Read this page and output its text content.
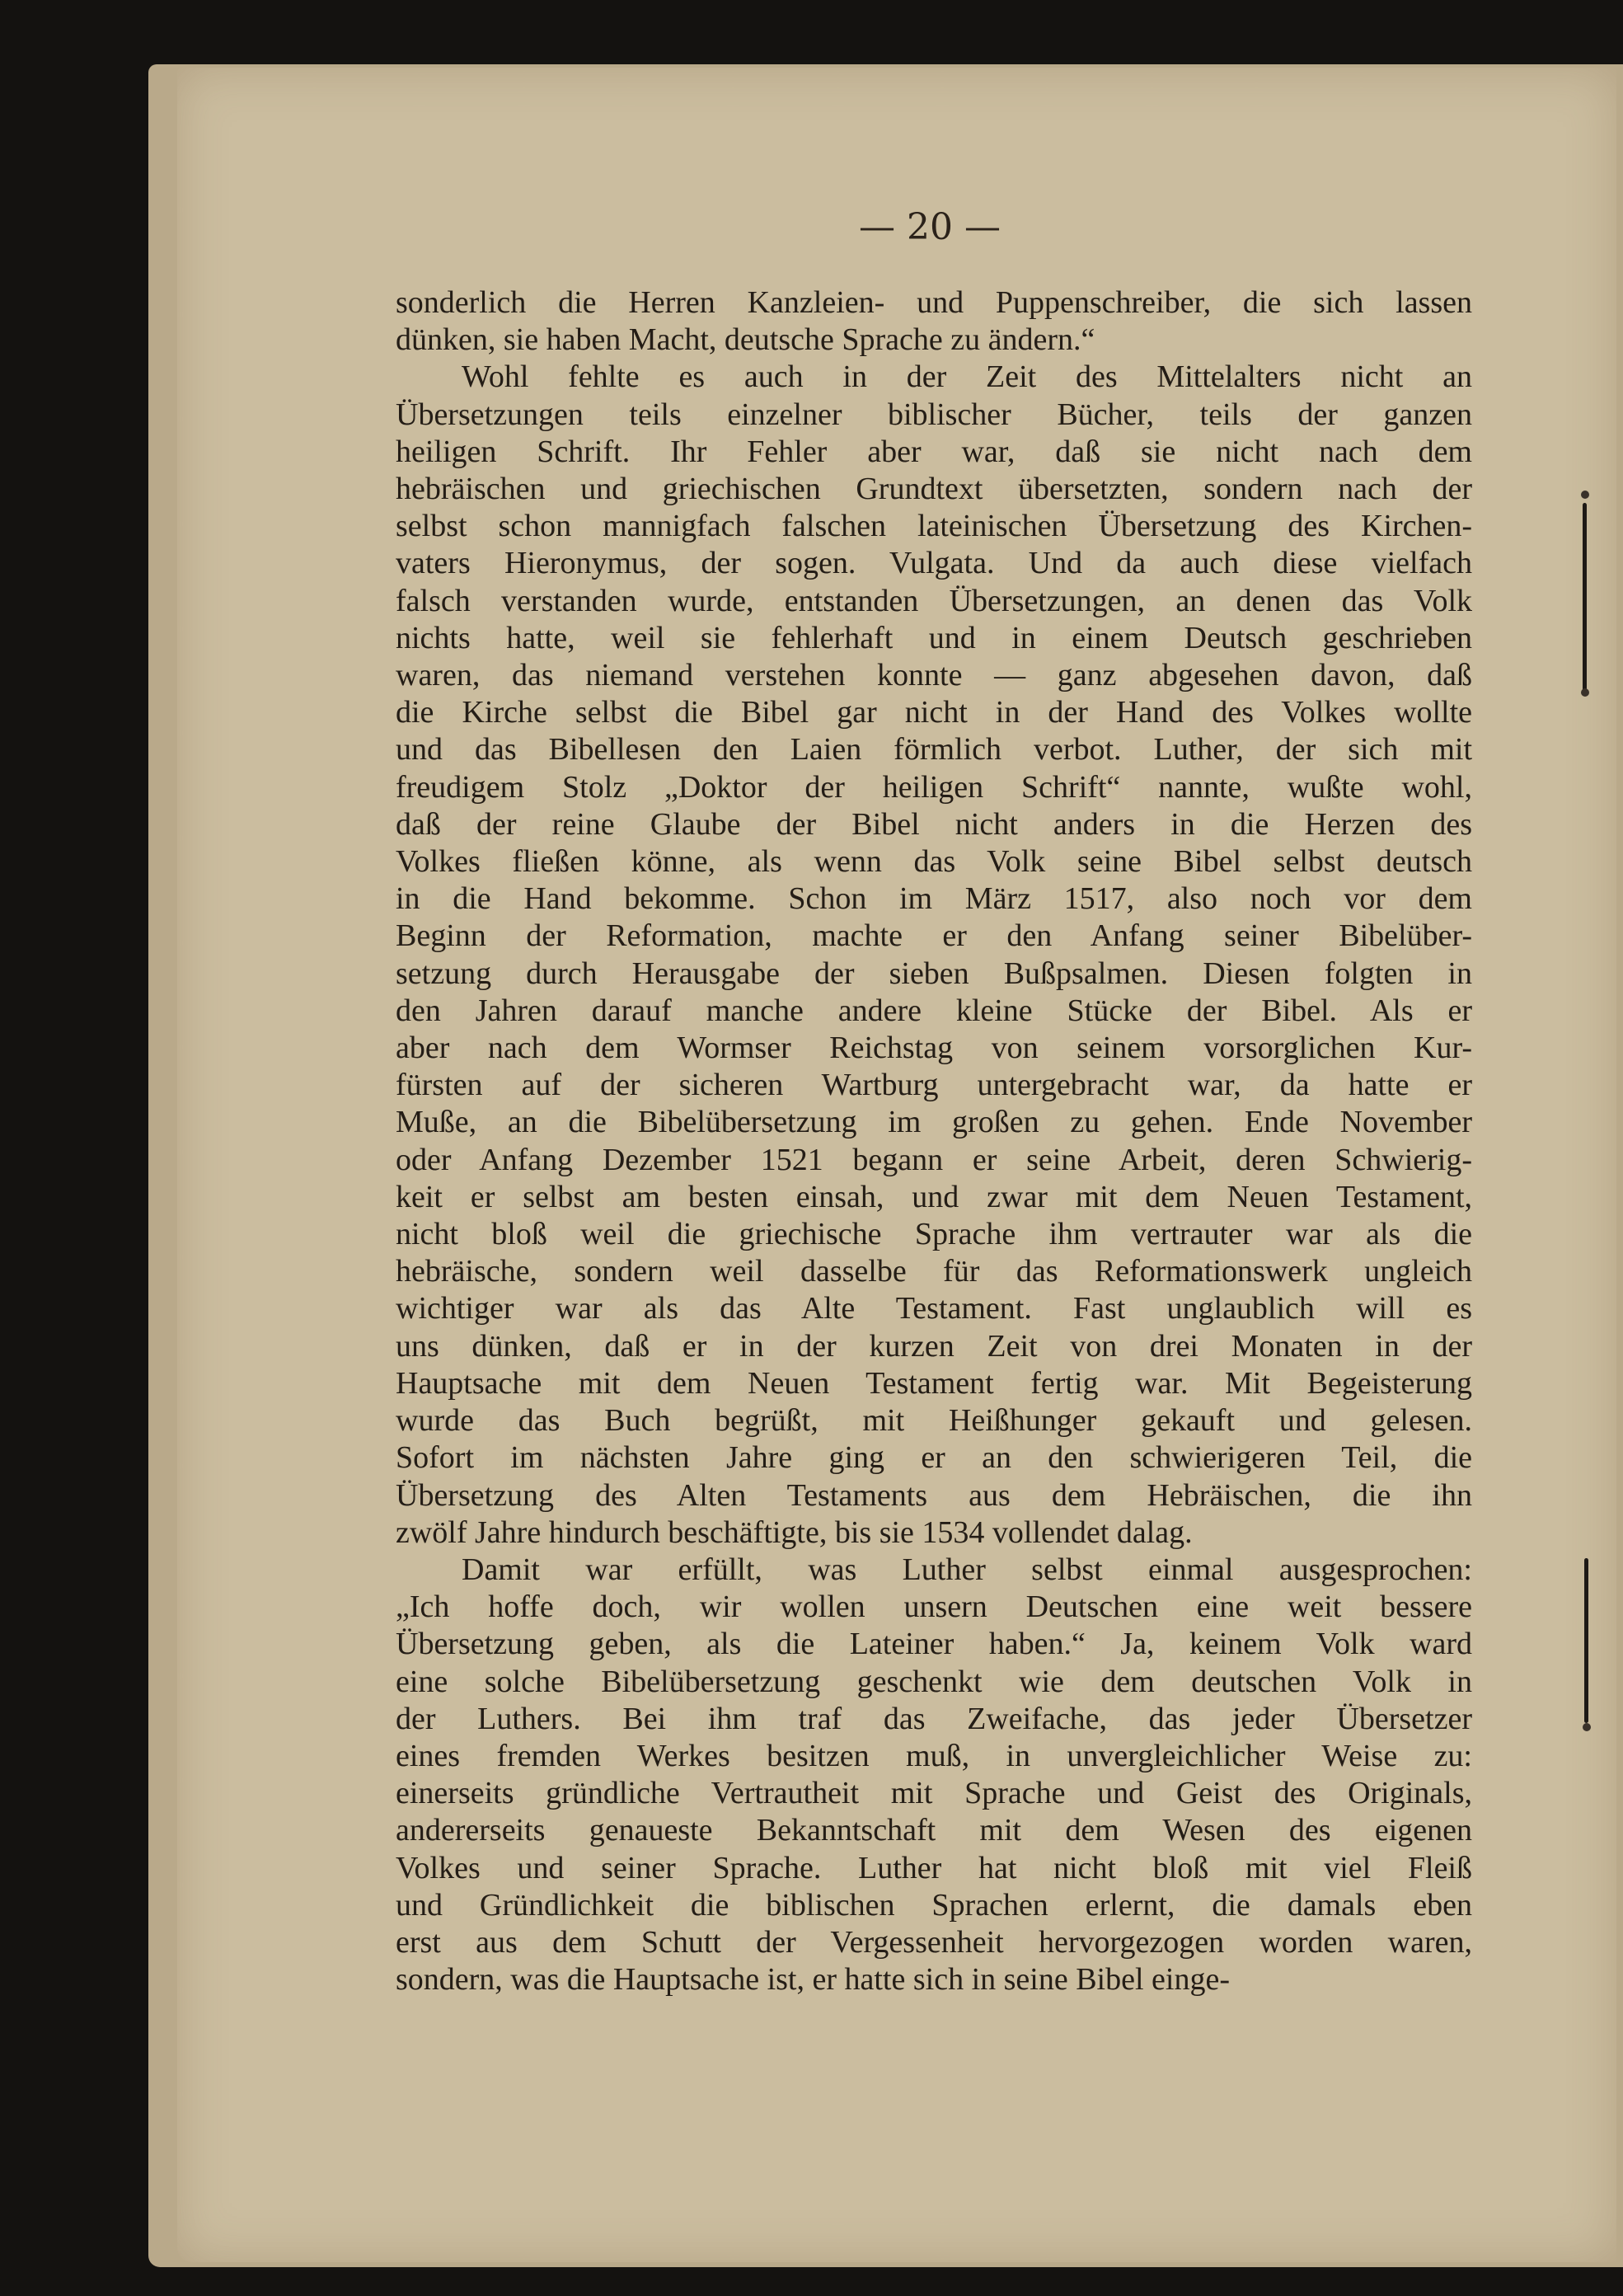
— 20 —
sonderlich die Herren Kanzleien- und Puppenschreiber, die sich lassen
dünken, sie haben Macht, deutsche Sprache zu ändern.“
Wohl fehlte es auch in der Zeit des Mittelalters nicht an
Übersetzungen teils einzelner biblischer Bücher, teils der ganzen
heiligen Schrift. Ihr Fehler aber war, daß sie nicht nach dem
hebräischen und griechischen Grundtext übersetzten, sondern nach der
selbst schon mannigfach falschen lateinischen Übersetzung des Kirchen-
vaters Hieronymus, der sogen. Vulgata. Und da auch diese vielfach
falsch verstanden wurde, entstanden Übersetzungen, an denen das Volk
nichts hatte, weil sie fehlerhaft und in einem Deutsch geschrieben
waren, das niemand verstehen konnte — ganz abgesehen davon, daß
die Kirche selbst die Bibel gar nicht in der Hand des Volkes wollte
und das Bibellesen den Laien förmlich verbot. Luther, der sich mit
freudigem Stolz „Doktor der heiligen Schrift“ nannte, wußte wohl,
daß der reine Glaube der Bibel nicht anders in die Herzen des
Volkes fließen könne, als wenn das Volk seine Bibel selbst deutsch
in die Hand bekomme. Schon im März 1517, also noch vor dem
Beginn der Reformation, machte er den Anfang seiner Bibelüber-
setzung durch Herausgabe der sieben Bußpsalmen. Diesen folgten in
den Jahren darauf manche andere kleine Stücke der Bibel. Als er
aber nach dem Wormser Reichstag von seinem vorsorglichen Kur-
fürsten auf der sicheren Wartburg untergebracht war, da hatte er
Muße, an die Bibelübersetzung im großen zu gehen. Ende November
oder Anfang Dezember 1521 begann er seine Arbeit, deren Schwierig-
keit er selbst am besten einsah, und zwar mit dem Neuen Testament,
nicht bloß weil die griechische Sprache ihm vertrauter war als die
hebräische, sondern weil dasselbe für das Reformationswerk ungleich
wichtiger war als das Alte Testament. Fast unglaublich will es
uns dünken, daß er in der kurzen Zeit von drei Monaten in der
Hauptsache mit dem Neuen Testament fertig war. Mit Begeisterung
wurde das Buch begrüßt, mit Heißhunger gekauft und gelesen.
Sofort im nächsten Jahre ging er an den schwierigeren Teil, die
Übersetzung des Alten Testaments aus dem Hebräischen, die ihn
zwölf Jahre hindurch beschäftigte, bis sie 1534 vollendet dalag.
Damit war erfüllt, was Luther selbst einmal ausgesprochen:
„Ich hoffe doch, wir wollen unsern Deutschen eine weit bessere
Übersetzung geben, als die Lateiner haben.“ Ja, keinem Volk ward
eine solche Bibelübersetzung geschenkt wie dem deutschen Volk in
der Luthers. Bei ihm traf das Zweifache, das jeder Übersetzer
eines fremden Werkes besitzen muß, in unvergleichlicher Weise zu:
einerseits gründliche Vertrautheit mit Sprache und Geist des Originals,
andererseits genaueste Bekanntschaft mit dem Wesen des eigenen
Volkes und seiner Sprache. Luther hat nicht bloß mit viel Fleiß
und Gründlichkeit die biblischen Sprachen erlernt, die damals eben
erst aus dem Schutt der Vergessenheit hervorgezogen worden waren,
sondern, was die Hauptsache ist, er hatte sich in seine Bibel einge-
